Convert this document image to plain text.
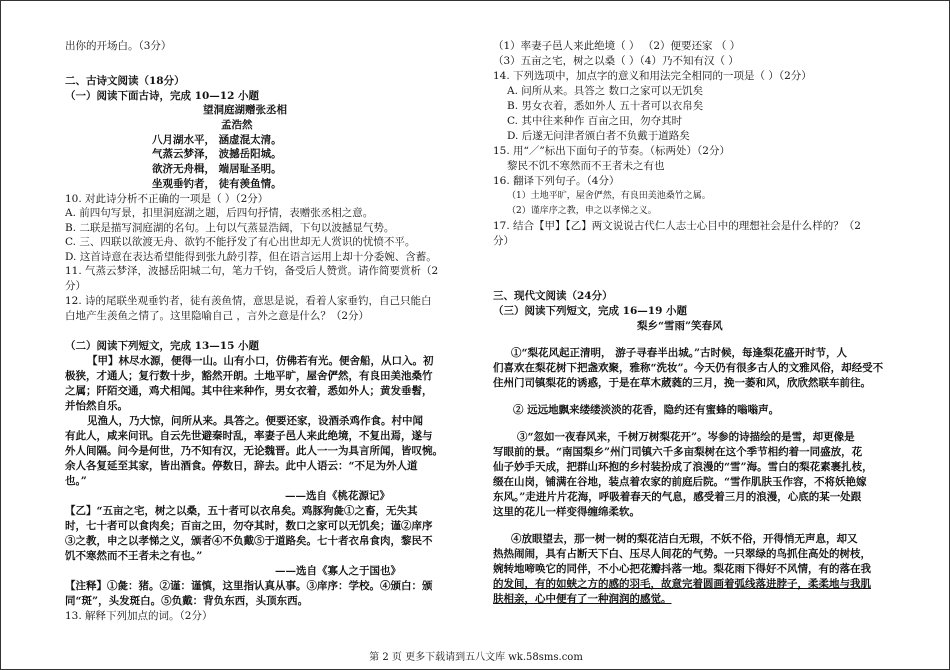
出你的开场白。（3分）
二、古诗文阅读（18分）
（一）阅读下面古诗，完成 10—12 小题
望洞庭湖赠张丞相
孟浩然
八月湖水平， 涵虚混太清。
气蒸云梦泽， 波撼岳阳城。
欲济无舟楫， 端居耻圣明。
坐观垂钓者， 徒有羡鱼情。
10. 对此诗分析不正确的一项是（ ）（2分）
A. 前四句写景，扣里洞庭湖之题，后四句抒情，表赠张丞相之意。
B. 二联是描写洞庭湖的名句。上句以气蒸显浩阔，下句以波撼显气势。
C. 三、四联以欲渡无舟、欲钓不能抒发了有心出世却无人赏识的忧愤不平。
D. 这首诗意在表达希望能得到张九龄引荐，但在语言运用上却十分委婉、含蓄。
11. 气蒸云梦泽，波撼岳阳城二句，笔力千钧，备受后人赞赏。请作简要赏析（2
分）
12. 诗的尾联坐观垂钓者，徒有羡鱼情，意思是说，看着人家垂钓，自己只能白
白地产生羡鱼之情了。这里隐喻自己 ，言外之意是什么？（2分）
（二）阅读下列短文，完成 13—15 小题
【甲】林尽水源，便得一山。山有小口，仿佛若有光。便舍船，从口入。初
极狭，才通人；复行数十步，豁然开朗。土地平旷，屋舍俨然，有良田美池桑竹
之属；阡陌交通，鸡犬相闻。其中往来种作，男女衣着，悉如外人；黄发垂髫，
并怡然自乐。
见渔人，乃大惊，问所从来。具答之。便要还家，设酒杀鸡作食。村中闻
有此人，咸来问讯。自云先世避秦时乱，率妻子邑人来此绝境，不复出焉，遂与
外人间隔。问今是何世，乃不知有汉，无论魏晋。此人一一为具言所闻，皆叹惋。
余人各复延至其家，皆出酒食。停数日，辞去。此中人语云：“不足为外人道
也。”
——选自《桃花源记》
【乙】“五亩之宅，树之以桑，五十者可以衣帛矣。鸡豚狗彘①之畜，无失其
时，七十者可以食肉矣；百亩之田，勿夺其时，数口之家可以无饥矣；谨②庠序
③之教，申之以孝悌之义，颁者④不负戴⑤于道路矣。七十者衣帛食肉，黎民不
饥不寒然而不王者未之有也。”
——选自《寡人之于国也》
【注释】①彘：猪。②谨：谨慎，这里指认真从事。③庠序：学校。④颁白：颁
同“斑”，头发斑白。⑤负戴：背负东西，头顶东西。
13. 解释下列加点的词。（2分）
（1）率妻子邑人来此绝境（ ） （2）便要还家 （ ）
（3）五亩之宅，树之以桑（ ）（4）乃不知有汉（ ）
14. 下列选项中，加点字的意义和用法完全相同的一项是（ ）（2分）
A. 问所从来。具答之 数口之家可以无饥矣
B. 男女衣着，悉如外人 五十者可以衣帛矣
C. 其中往来种作 百亩之田，勿夺其时
D. 后遂无问津者颁白者不负戴于道路矣
15. 用“／”标出下面句子的节奏。（标两处）（2分）
黎民不饥不寒然而不王者未之有也
16. 翻译下列句子。（4分）
（1）土地平旷，屋舍俨然，有良田美池桑竹之属。
（2）谨庠序之教，申之以孝悌之义。
17. 结合【甲】【乙】两文说说古代仁人志士心目中的理想社会是什么样的？（2
分）
三、现代文阅读（24分）
（三）阅读下列短文，完成 16—19 小题
梨乡“雪雨”笑春风
①“梨花风起正清明， 游子寻春半出城。”古时候，每逢梨花盛开时节，人
们喜欢在梨花树下把盏欢聚，雅称“洗妆”。今天仍有很多古人的文雅风俗，却经受不
住州门司镇梨花的诱惑，于是在草木葳蕤的三月，挽一萎和风，欣欣然联车前往。
② 远远地飘来缕缕淡淡的花香，隐约还有蜜蜂的嗡嗡声。
③“忽如一夜春风来，千树万树梨花开”。岑参的诗描绘的是雪，却更像是
写眼前的景。“南国梨乡”州门司镇六千多亩梨树在这个季节相约着一同盛放，花
仙子妙手天成，把群山环抱的乡村装扮成了浪漫的“雪”海。雪白的梨花素裹扎枝，
缀在山岗，铺满在谷地，装点着农家的前庭后院。“雪作肌肤玉作容，不将妖艳嫁
东风。”走进片片花海，呼吸着春天的气息，感受着三月的浪漫，心底的某一处跟
这里的花儿一样变得缠绵柔软。
④放眼望去，那一树一树的梨花洁白无瑕，不妖不俗，开得悄无声息，却又
热热闹闹，具有占断天下白、压尽人间花的气势。一只翠绿的鸟抓住高处的树枝，
婉转地啼唤它的同伴，不小心把花瓣抖落一地。梨花雨下得好不风情，有的落在我
的发间，有的如蛱之方的感的羽毛，故意完着圆画着弧线落进脖子，柔柔地与我肌
肤相亲，心中便有了一种润润的感觉。
第 2 页 更多下载请到五八文库 wk.58sms.com
